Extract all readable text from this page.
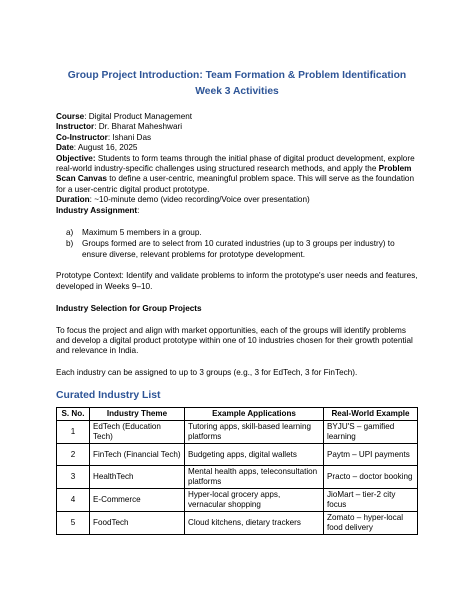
Group Project Introduction: Team Formation & Problem Identification Week 3 Activities
Course: Digital Product Management
Instructor: Dr. Bharat Maheshwari
Co-Instructor: Ishani Das
Date: August 16, 2025
Objective: Students to form teams through the initial phase of digital product development, explore real-world industry-specific challenges using structured research methods, and apply the Problem Scan Canvas to define a user-centric, meaningful problem space. This will serve as the foundation for a user-centric digital product prototype.
Duration: ~10-minute demo (video recording/Voice over presentation)
Industry Assignment:
a) Maximum 5 members in a group.
b) Groups formed are to select from 10 curated industries (up to 3 groups per industry) to ensure diverse, relevant problems for prototype development.
Prototype Context: Identify and validate problems to inform the prototype's user needs and features, developed in Weeks 9–10.
Industry Selection for Group Projects
To focus the project and align with market opportunities, each of the groups will identify problems and develop a digital product prototype within one of 10 industries chosen for their growth potential and relevance in India.
Each industry can be assigned to up to 3 groups (e.g., 3 for EdTech, 3 for FinTech).
Curated Industry List
S. No.	Industry Theme	Example Applications	Real-World Example
1	EdTech (Education Tech)	Tutoring apps, skill-based learning platforms	BYJU'S – gamified learning
2	FinTech (Financial Tech)	Budgeting apps, digital wallets	Paytm – UPI payments
3	HealthTech	Mental health apps, teleconsultation platforms	Practo – doctor booking
4	E-Commerce	Hyper-local grocery apps, vernacular shopping	JioMart – tier-2 city focus
5	FoodTech	Cloud kitchens, dietary trackers	Zomato – hyper-local food delivery
